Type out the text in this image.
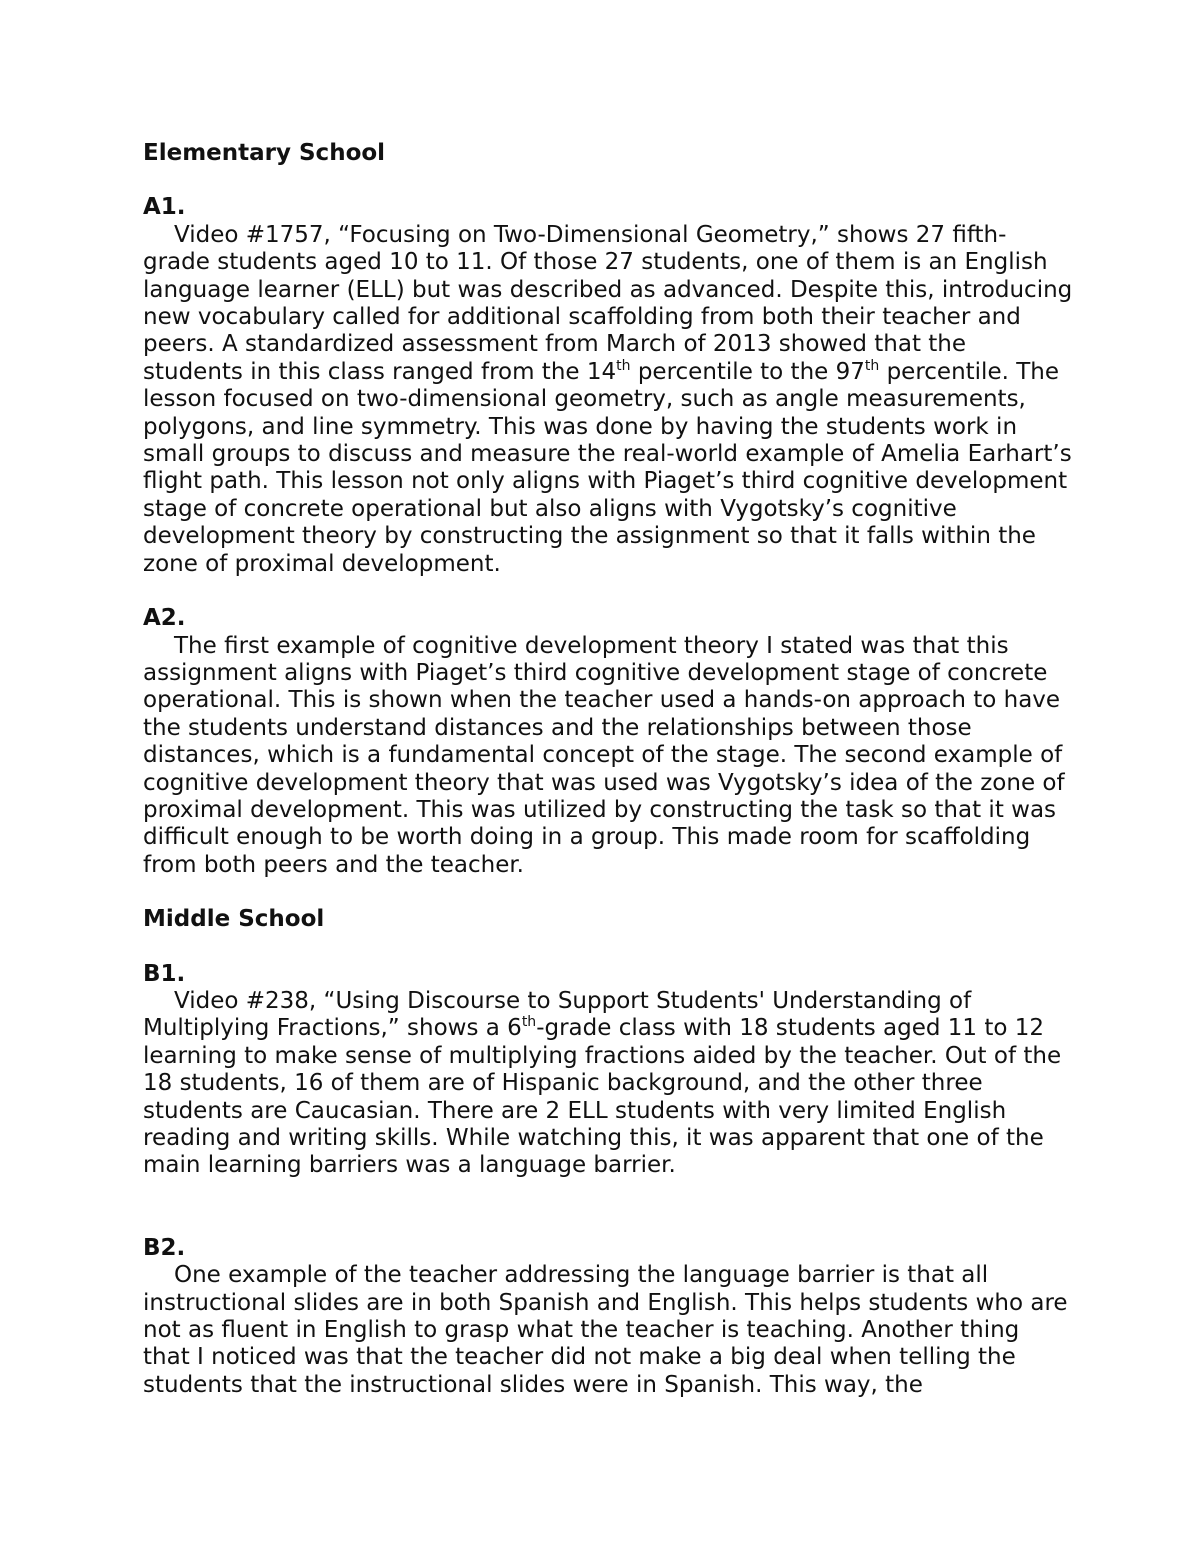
Elementary School

A1.

Video #1757, “Focusing on Two-Dimensional Geometry,” shows 27 fifth-grade students aged 10 to 11. Of those 27 students, one of them is an English language learner (ELL) but was described as advanced. Despite this, introducing new vocabulary called for additional scaffolding from both their teacher and peers. A standardized assessment from March of 2013 showed that the students in this class ranged from the 14th percentile to the 97th percentile. The lesson focused on two-dimensional geometry, such as angle measurements, polygons, and line symmetry. This was done by having the students work in small groups to discuss and measure the real-world example of Amelia Earhart’s flight path. This lesson not only aligns with Piaget’s third cognitive development stage of concrete operational but also aligns with Vygotsky’s cognitive development theory by constructing the assignment so that it falls within the zone of proximal development.

A2.

The first example of cognitive development theory I stated was that this assignment aligns with Piaget’s third cognitive development stage of concrete operational. This is shown when the teacher used a hands-on approach to have the students understand distances and the relationships between those distances, which is a fundamental concept of the stage. The second example of cognitive development theory that was used was Vygotsky’s idea of the zone of proximal development. This was utilized by constructing the task so that it was difficult enough to be worth doing in a group. This made room for scaffolding from both peers and the teacher.

Middle School

B1.

Video #238, “Using Discourse to Support Students' Understanding of Multiplying Fractions,” shows a 6th-grade class with 18 students aged 11 to 12 learning to make sense of multiplying fractions aided by the teacher. Out of the 18 students, 16 of them are of Hispanic background, and the other three students are Caucasian. There are 2 ELL students with very limited English reading and writing skills. While watching this, it was apparent that one of the main learning barriers was a language barrier.

B2.

One example of the teacher addressing the language barrier is that all instructional slides are in both Spanish and English. This helps students who are not as fluent in English to grasp what the teacher is teaching. Another thing that I noticed was that the teacher did not make a big deal when telling the students that the instructional slides were in Spanish. This way, the
